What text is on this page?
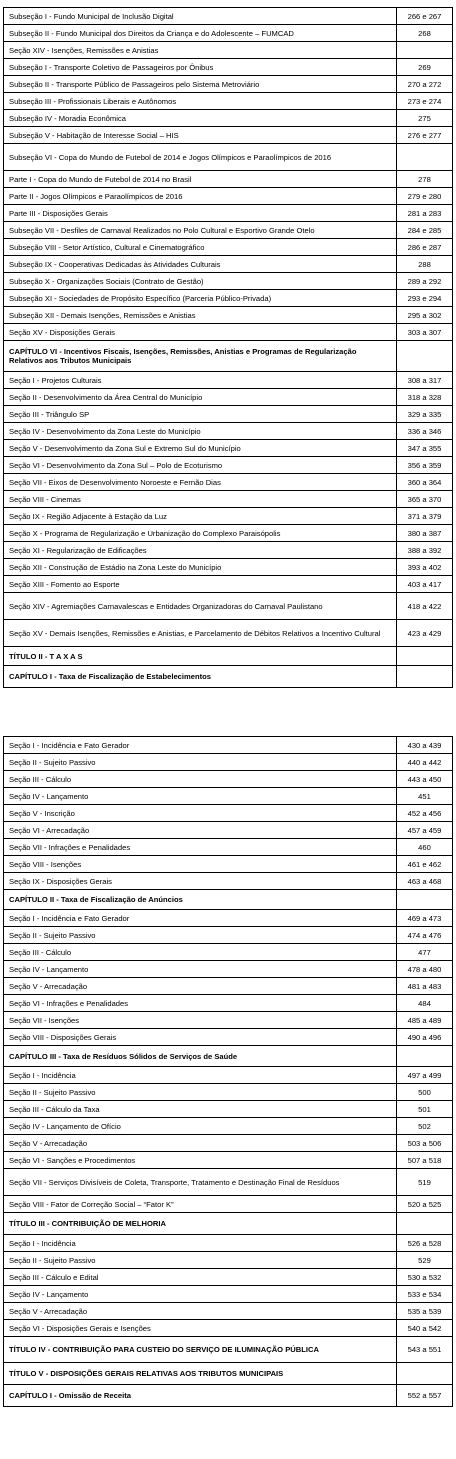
Subseção I - Fundo Municipal de Inclusão Digital	266 e 267
Subseção II - Fundo Municipal dos Direitos da Criança e do Adolescente – FUMCAD	268
Seção XIV - Isenções, Remissões e Anistias	
Subseção I - Transporte Coletivo de Passageiros por Ônibus	269
Subseção II - Transporte Público de Passageiros pelo Sistema Metroviário	270 a 272
Subseção III - Profissionais Liberais e Autônomos	273 e 274
Subseção IV - Moradia Econômica	275
Subseção V - Habitação de Interesse Social – HIS	276 e 277
Subseção VI - Copa do Mundo de Futebol de 2014 e Jogos Olímpicos e Paraolímpicos de 2016	
Parte I - Copa do Mundo de Futebol de 2014 no Brasil	278
Parte II - Jogos Olímpicos e Paraolímpicos de 2016	279 e 280
Parte III - Disposições Gerais	281 a 283
Subseção VII - Desfiles de Carnaval Realizados no Polo Cultural e Esportivo Grande Otelo	284 e 285
Subseção VIII - Setor Artístico, Cultural e Cinematográfico	286 e 287
Subseção IX - Cooperativas Dedicadas às Atividades Culturais	288
Subseção X - Organizações Sociais (Contrato de Gestão)	289 a 292
Subseção XI - Sociedades de Propósito Específico (Parceria Público-Privada)	293 e 294
Subseção XII - Demais Isenções, Remissões e Anistias	295 a 302
Seção XV - Disposições Gerais	303 a 307
CAPÍTULO VI - Incentivos Fiscais, Isenções, Remissões, Anistias e Programas de Regularização Relativos aos Tributos Municipais	
Seção I - Projetos Culturais	308 a 317
Seção II - Desenvolvimento da Área Central do Município	318 a 328
Seção III - Triângulo SP	329 a 335
Seção IV - Desenvolvimento da Zona Leste do Município	336 a 346
Seção V - Desenvolvimento da Zona Sul e Extremo Sul do Município	347 a 355
Seção VI - Desenvolvimento da Zona Sul – Polo de Ecoturismo	356 a 359
Seção VII - Eixos de Desenvolvimento Noroeste e Fernão Dias	360 a 364
Seção VIII - Cinemas	365 a 370
Seção IX - Região Adjacente à Estação da Luz	371 a 379
Seção X - Programa de Regularização e Urbanização do Complexo Paraisópolis	380 a 387
Seção XI - Regularização de Edificações	388 a 392
Seção XII - Construção de Estádio na Zona Leste do Município	393 a 402
Seção XIII - Fomento ao Esporte	403 a 417
Seção XIV - Agremiações Carnavalescas e Entidades Organizadoras do Carnaval Paulistano	418 a 422
Seção XV - Demais Isenções, Remissões e Anistias, e Parcelamento de Débitos Relativos a Incentivo Cultural	423 a 429
TÍTULO II - T A X A S	
CAPÍTULO I - Taxa de Fiscalização de Estabelecimentos	
Seção I - Incidência e Fato Gerador	430 a 439
Seção II - Sujeito Passivo	440 a 442
Seção III - Cálculo	443 a 450
Seção IV - Lançamento	451
Seção V - Inscrição	452 a 456
Seção VI - Arrecadação	457 a 459
Seção VII - Infrações e Penalidades	460
Seção VIII - Isenções	461 e 462
Seção IX - Disposições Gerais	463 a 468
CAPÍTULO II - Taxa de Fiscalização de Anúncios	
Seção I - Incidência e Fato Gerador	469 a 473
Seção II - Sujeito Passivo	474 a 476
Seção III - Cálculo	477
Seção IV - Lançamento	478 a 480
Seção V - Arrecadação	481 a 483
Seção VI - Infrações e Penalidades	484
Seção VII - Isenções	485 a 489
Seção VIII - Disposições Gerais	490 a 496
CAPÍTULO III - Taxa de Resíduos Sólidos de Serviços de Saúde	
Seção I - Incidência	497 a 499
Seção II - Sujeito Passivo	500
Seção III - Cálculo da Taxa	501
Seção IV - Lançamento de Ofício	502
Seção V - Arrecadação	503 a 506
Seção VI - Sanções e Procedimentos	507 a 518
Seção VII - Serviços Divisíveis de Coleta, Transporte, Tratamento e Destinação Final de Resíduos	519
Seção VIII - Fator de Correção Social – “Fator K”	520 a 525
TÍTULO III - CONTRIBUIÇÃO DE MELHORIA	
Seção I - Incidência	526 a 528
Seção II - Sujeito Passivo	529
Seção III - Cálculo e Edital	530 a 532
Seção IV - Lançamento	533 e 534
Seção V - Arrecadação	535 a 539
Seção VI - Disposições Gerais e Isenções	540 a 542
TÍTULO IV - CONTRIBUIÇÃO PARA CUSTEIO DO SERVIÇO DE ILUMINAÇÃO PÚBLICA	543 a 551
TÍTULO V - DISPOSIÇÕES GERAIS RELATIVAS AOS TRIBUTOS MUNICIPAIS	
CAPÍTULO I - Omissão de Receita	552 a 557
